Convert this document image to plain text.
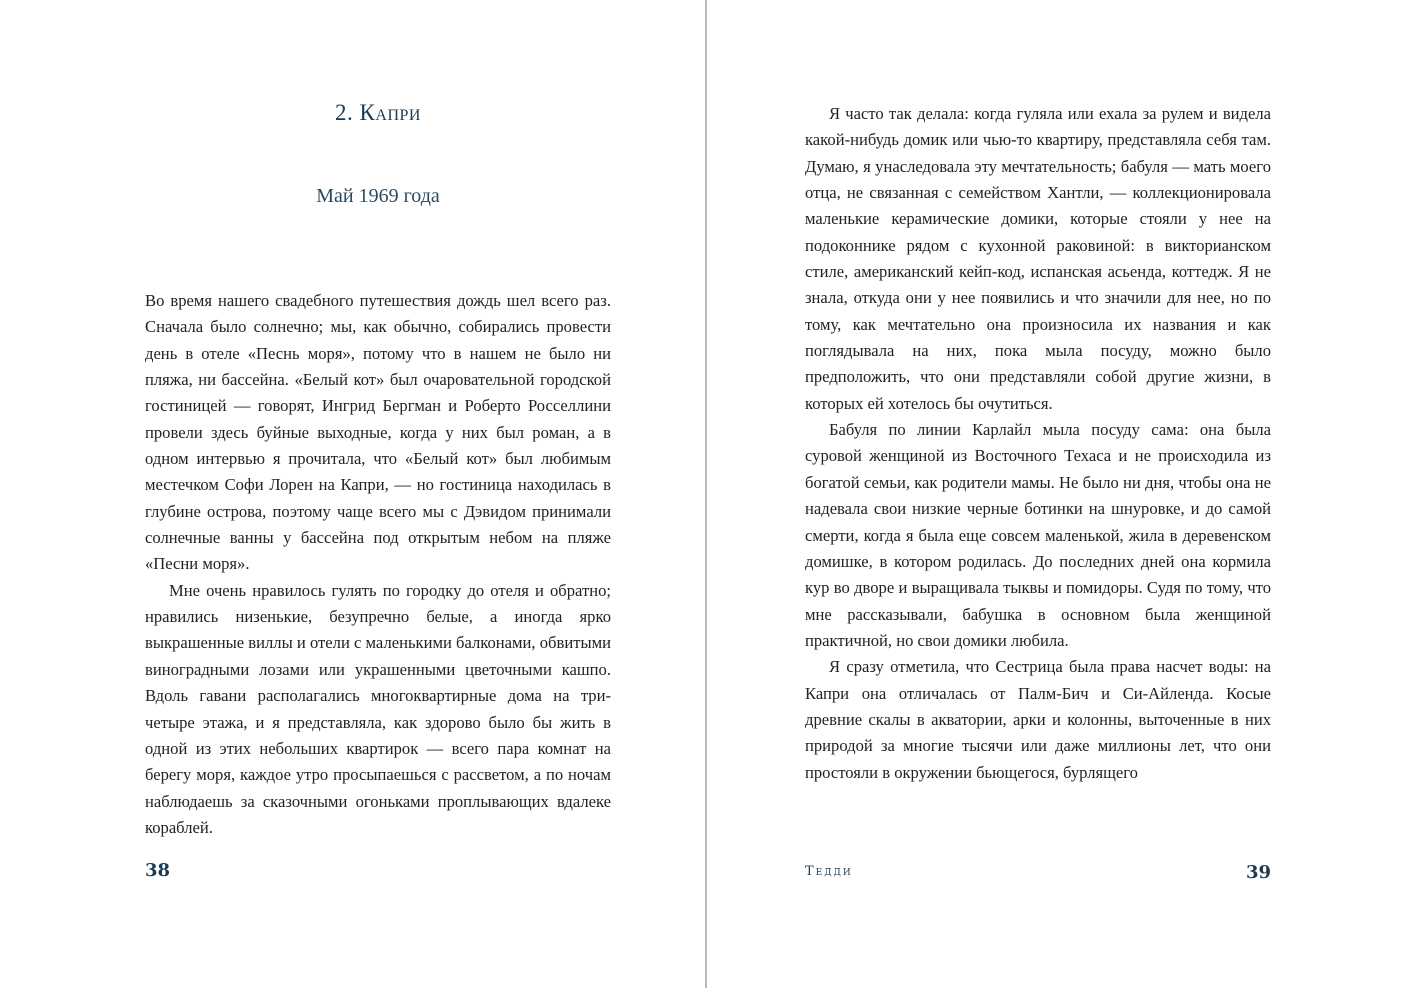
2. Капри
Май 1969 года

Во время нашего свадебного путешествия дождь шел всего раз. Сначала было солнечно; мы, как обычно, собирались провести день в отеле «Песнь моря», потому что в нашем не было ни пляжа, ни бассейна. «Белый кот» был очаровательной городской гостиницей — говорят, Ингрид Бергман и Роберто Росселлини провели здесь буйные выходные, когда у них был роман, а в одном интервью я прочитала, что «Белый кот» был любимым местечком Софи Лорен на Капри, — но гостиница находилась в глубине острова, поэтому чаще всего мы с Дэвидом принимали солнечные ванны у бассейна под открытым небом на пляже «Песни моря».

Мне очень нравилось гулять по городку до отеля и обратно; нравились низенькие, безупречно белые, а иногда ярко выкрашенные виллы и отели с маленькими балконами, обвитыми виноградными лозами или украшенными цветочными кашпо. Вдоль гавани располагались многоквартирные дома на три-четыре этажа, и я представляла, как здорово было бы жить в одной из этих небольших квартирок — всего пара комнат на берегу моря, каждое утро просыпаешься с рассветом, а по ночам наблюдаешь за сказочными огоньками проплывающих вдалеке кораблей.

38

Я часто так делала: когда гуляла или ехала за рулем и видела какой-нибудь домик или чью-то квартиру, представляла себя там. Думаю, я унаследовала эту мечтательность; бабуля — мать моего отца, не связанная с семейством Хантли, — коллекционировала маленькие керамические домики, которые стояли у нее на подоконнике рядом с кухонной раковиной: в викторианском стиле, американский кейп-код, испанская асьенда, коттедж. Я не знала, откуда они у нее появились и что значили для нее, но по тому, как мечтательно она произносила их названия и как поглядывала на них, пока мыла посуду, можно было предположить, что они представляли собой другие жизни, в которых ей хотелось бы очутиться.

Бабуля по линии Карлайл мыла посуду сама: она была суровой женщиной из Восточного Техаса и не происходила из богатой семьи, как родители мамы. Не было ни дня, чтобы она не надевала свои низкие черные ботинки на шнуровке, и до самой смерти, когда я была еще совсем маленькой, жила в деревенском домишке, в котором родилась. До последних дней она кормила кур во дворе и выращивала тыквы и помидоры. Судя по тому, что мне рассказывали, бабушка в основном была женщиной практичной, но свои домики любила.

Я сразу отметила, что Сестрица была права насчет воды: на Капри она отличалась от Палм-Бич и Си-Айленда. Косые древние скалы в акватории, арки и колонны, выточенные в них природой за многие тысячи или даже миллионы лет, что они простояли в окружении бьющегося, бурлящего

Тедди	39
